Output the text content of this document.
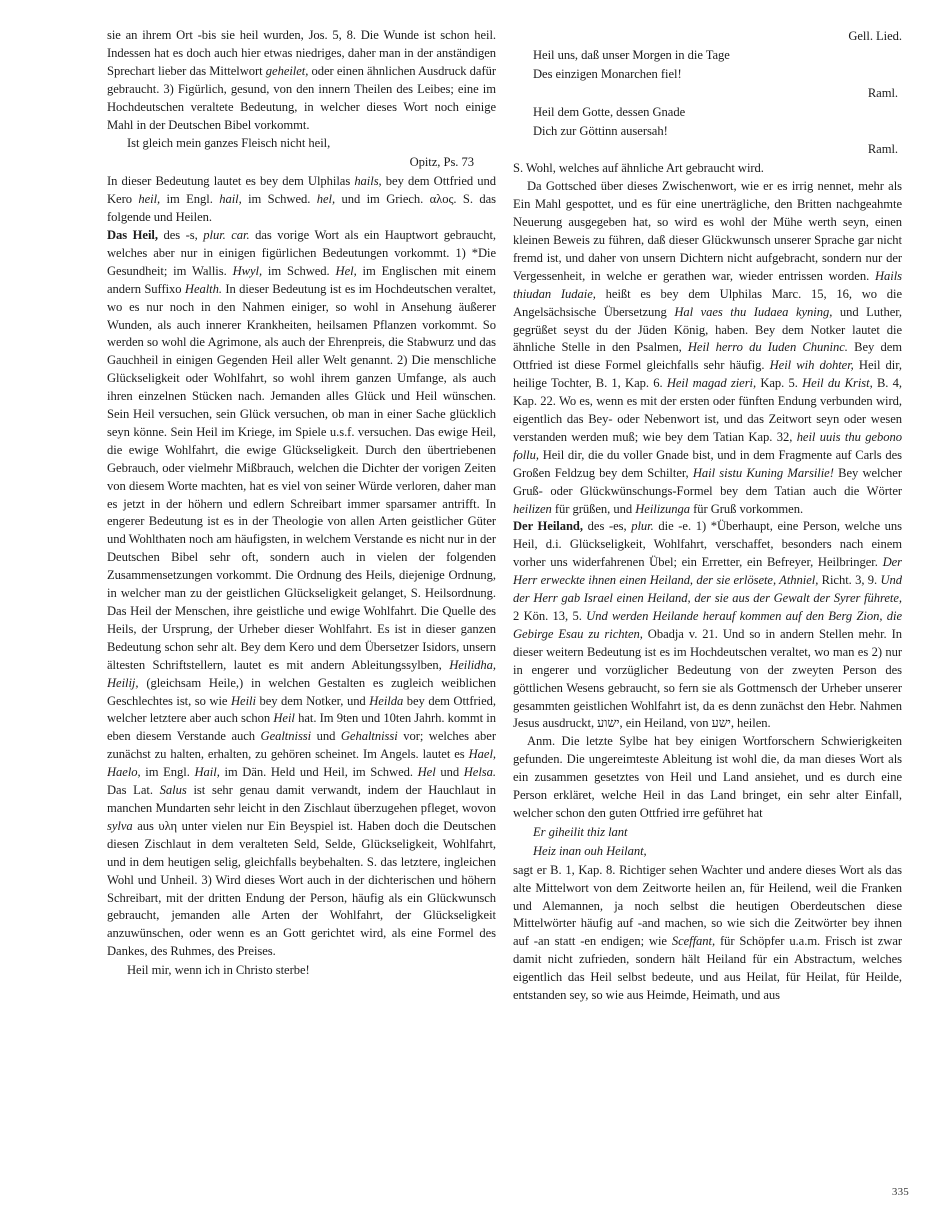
sie an ihrem Ort -bis sie heil wurden, Jos. 5, 8. Die Wunde ist schon heil. Indessen hat es doch auch hier etwas niedriges, daher man in der anständigen Sprechart lieber das Mittelwort geheilet, oder einen ähnlichen Ausdruck dafür gebraucht. 3) Figürlich, gesund, von den innern Theilen des Leibes; eine im Hochdeutschen veraltete Bedeutung, in welcher dieses Wort noch einige Mahl in der Deutschen Bibel vorkommt.

Ist gleich mein ganzes Fleisch nicht heil,

Opitz, Ps. 73

In dieser Bedeutung lautet es bey dem Ulphilas hails, bey dem Ottfried und Kero heil, im Engl. hail, im Schwed. hel, und im Griech. αλος. S. das folgende und Heilen.

Das Heil, des -s, plur. car. das vorige Wort als ein Hauptwort gebraucht, welches aber nur in einigen figürlichen Bedeutungen vorkommt. 1) *Die Gesundheit; im Wallis. Hwyl, im Schwed. Hel, im Englischen mit einem andern Suffixo Health. In dieser Bedeutung ist es im Hochdeutschen veraltet, wo es nur noch in den Nahmen einiger, so wohl in Ansehung äußerer Wunden, als auch innerer Krankheiten, heilsamen Pflanzen vorkommt. So werden so wohl die Agrimone, als auch der Ehrenpreis, die Stabwurz und das Gauchheil in einigen Gegenden Heil aller Welt genannt. 2) Die menschliche Glückseligkeit oder Wohlfahrt, so wohl ihrem ganzen Umfange, als auch ihren einzelnen Stücken nach. Jemanden alles Glück und Heil wünschen. Sein Heil versuchen, sein Glück versuchen, ob man in einer Sache glücklich seyn könne. Sein Heil im Kriege, im Spiele u.s.f. versuchen. Das ewige Heil, die ewige Wohlfahrt, die ewige Glückseligkeit. Durch den übertriebenen Gebrauch, oder vielmehr Mißbrauch, welchen die Dichter der vorigen Zeiten von diesem Worte machten, hat es viel von seiner Würde verloren, daher man es jetzt in der höhern und edlern Schreibart immer sparsamer antrifft. In engerer Bedeutung ist es in der Theologie von allen Arten geistlicher Güter und Wohlthaten noch am häufigsten, in welchem Verstande es nicht nur in der Deutschen Bibel sehr oft, sondern auch in vielen der folgenden Zusammensetzungen vorkommt. Die Ordnung des Heils, diejenige Ordnung, in welcher man zu der geistlichen Glückseligkeit gelanget, S. Heilsordnung. Das Heil der Menschen, ihre geistliche und ewige Wohlfahrt. Die Quelle des Heils, der Ursprung, der Urheber dieser Wohlfahrt. Es ist in dieser ganzen Bedeutung schon sehr alt. Bey dem Kero und dem Übersetzer Isidors, unsern ältesten Schriftstellern, lautet es mit andern Ableitungssylben, Heilidha, Heilij, (gleichsam Heile,) in welchen Gestalten es zugleich weiblichen Geschlechtes ist, so wie Heili bey dem Notker, und Heilda bey dem Ottfried, welcher letztere aber auch schon Heil hat. Im 9ten und 10ten Jahrh. kommt in eben diesem Verstande auch Gealtnissi und Gehaltnissi vor; welches aber zunächst zu halten, erhalten, zu gehören scheinet. Im Angels. lautet es Hael, Haelo, im Engl. Hail, im Dän. Held und Heil, im Schwed. Hel und Helsa. Das Lat. Salus ist sehr genau damit verwandt, indem der Hauchlaut in manchen Mundarten sehr leicht in den Zischlaut überzugehen pfleget, wovon sylva aus υλη unter vielen nur Ein Beyspiel ist. Haben doch die Deutschen diesen Zischlaut in dem veralteten Seld, Selde, Glückseligkeit, Wohlfahrt, und in dem heutigen selig, gleichfalls beybehalten. S. das letztere, ingleichen Wohl und Unheil. 3) Wird dieses Wort auch in der dichterischen und höhern Schreibart, mit der dritten Endung der Person, häufig als ein Glückwunsch gebraucht, jemanden alle Arten der Wohlfahrt, der Glückseligkeit anzuwünschen, oder wenn es an Gott gerichtet wird, als eine Formel des Dankes, des Ruhmes, des Preises.

Heil mir, wenn ich in Christo sterbe!

Gell. Lied.

Heil uns, daß unser Morgen in die Tage

Des einzigen Monarchen fiel!

Raml.

Heil dem Gotte, dessen Gnade

Dich zur Göttinn ausersah!

Raml.

S. Wohl, welches auf ähnliche Art gebraucht wird.

Da Gottsched über dieses Zwischenwort, wie er es irrig nennet, mehr als Ein Mahl gespottet, und es für eine unerträgliche, den Britten nachgeahmte Neuerung ausgegeben hat, so wird es wohl der Mühe werth seyn, einen kleinen Beweis zu führen, daß dieser Glückwunsch unserer Sprache gar nicht fremd ist, und daher von unsern Dichtern nicht aufgebracht, sondern nur der Vergessenheit, in welche er gerathen war, wieder entrissen worden. Hails thiudan Iudaie, heißt es bey dem Ulphilas Marc. 15, 16, wo die Angelsächsische Übersetzung Hal vaes thu Iudaea kyning, und Luther, gegrüßet seyst du der Jüden König, haben. Bey dem Notker lautet die ähnliche Stelle in den Psalmen, Heil herro du Iuden Chuninc. Bey dem Ottfried ist diese Formel gleichfalls sehr häufig. Heil wih dohter, Heil dir, heilige Tochter, B. 1, Kap. 6. Heil magad zieri, Kap. 5. Heil du Krist, B. 4, Kap. 22. Wo es, wenn es mit der ersten oder fünften Endung verbunden wird, eigentlich das Bey- oder Nebenwort ist, und das Zeitwort seyn oder wesen verstanden werden muß; wie bey dem Tatian Kap. 32, heil uuis thu gebono follu, Heil dir, die du voller Gnade bist, und in dem Fragmente auf Carls des Großen Feldzug bey dem Schilter, Hail sistu Kuning Marsilie! Bey welcher Gruß- oder Glückwünschungs-Formel bey dem Tatian auch die Wörter heilizen für grüßen, und Heilizunga für Gruß vorkommen.

Der Heiland, des -es, plur. die -e. 1) *Überhaupt, eine Person, welche uns Heil, d.i. Glückseligkeit, Wohlfahrt, verschaffet, besonders nach einem vorher uns widerfahrenen Übel; ein Erretter, ein Befreyer, Heilbringer. Der Herr erweckte ihnen einen Heiland, der sie erlösete, Athniel, Richt. 3, 9. Und der Herr gab Israel einen Heiland, der sie aus der Gewalt der Syrer führete, 2 Kön. 13, 5. Und werden Heilande herauf kommen auf den Berg Zion, die Gebirge Esau zu richten, Obadja v. 21. Und so in andern Stellen mehr. In dieser weitern Bedeutung ist es im Hochdeutschen veraltet, wo man es 2) nur in engerer und vorzüglicher Bedeutung von der zweyten Person des göttlichen Wesens gebraucht, so fern sie als Gottmensch der Urheber unserer gesammten geistlichen Wohlfahrt ist, da es denn zunächst den Hebr. Nahmen Jesus ausdruckt, ישוע, ein Heiland, von ישע, heilen.

Anm. Die letzte Sylbe hat bey einigen Wortforschern Schwierigkeiten gefunden. Die ungereimteste Ableitung ist wohl die, da man dieses Wort als ein zusammen gesetztes von Heil und Land ansiehet, und es durch eine Person erkläret, welche Heil in das Land bringet, ein sehr alter Einfall, welcher schon den guten Ottfried irre geführet hat

Er giheilit thiz lant

Heiz inan ouh Heilant,

sagt er B. 1, Kap. 8. Richtiger sehen Wachter und andere dieses Wort als das alte Mittelwort von dem Zeitworte heilen an, für Heilend, weil die Franken und Alemannen, ja noch selbst die heutigen Oberdeutschen diese Mittelwörter häufig auf -and machen, so wie sich die Zeitwörter bey ihnen auf -an statt -en endigen; wie Sceffant, für Schöpfer u.a.m. Frisch ist zwar damit nicht zufrieden, sondern hält Heiland für ein Abstractum, welches eigentlich das Heil selbst bedeute, und aus Heilat, für Heilat, für Heilde, entstanden sey, so wie aus Heimde, Heimath, und aus

335
